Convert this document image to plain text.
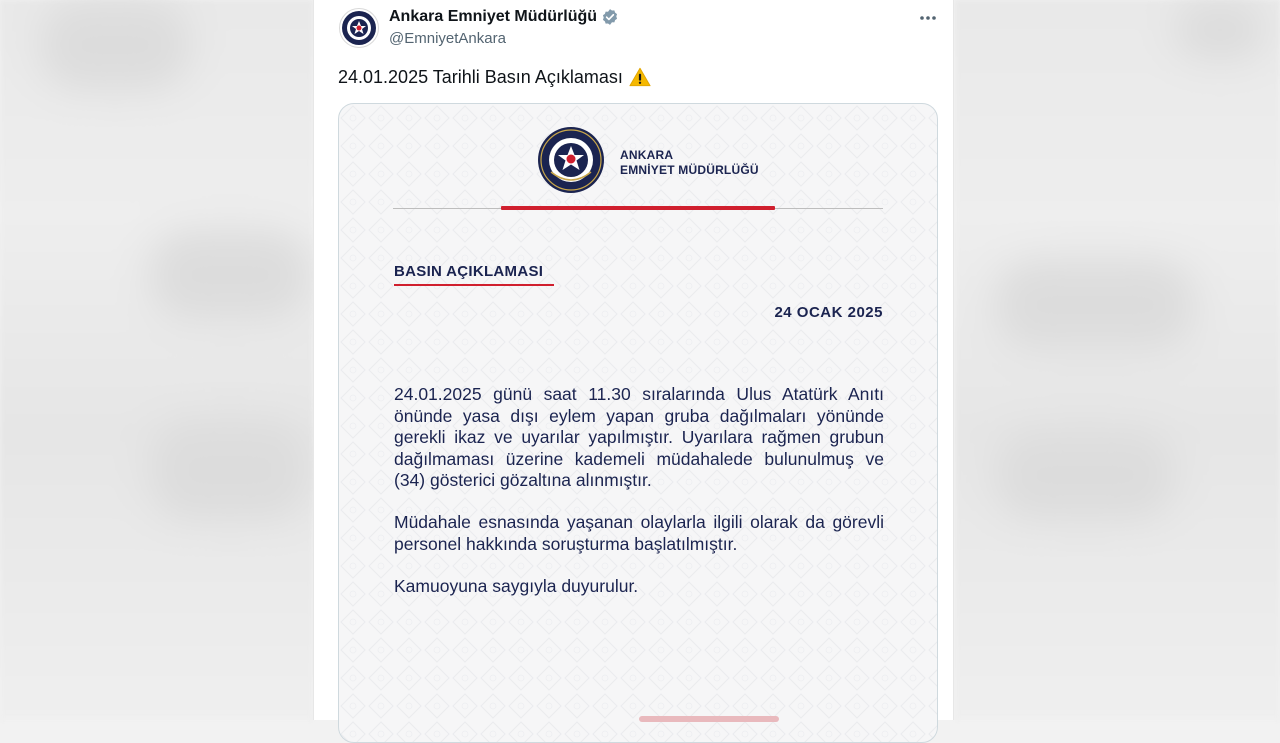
Ankara Emniyet Müdürlüğü
@EmniyetAnkara
24.01.2025 Tarihli Basın Açıklaması
ANKARA
EMNİYET MÜDÜRLÜĞÜ
BASIN AÇIKLAMASI
24 OCAK 2025
24.01.2025 günü saat 11.30 sıralarında Ulus Atatürk Anıtı önünde yasa dışı eylem yapan gruba dağılmaları yönünde gerekli ikaz ve uyarılar yapılmıştır. Uyarılara rağmen grubun dağılmaması üzerine kademeli müdahalede bulunulmuş ve (34) gösterici gözaltına alınmıştır.
Müdahale esnasında yaşanan olaylarla ilgili olarak da görevli personel hakkında soruşturma başlatılmıştır.
Kamuoyuna saygıyla duyurulur.
